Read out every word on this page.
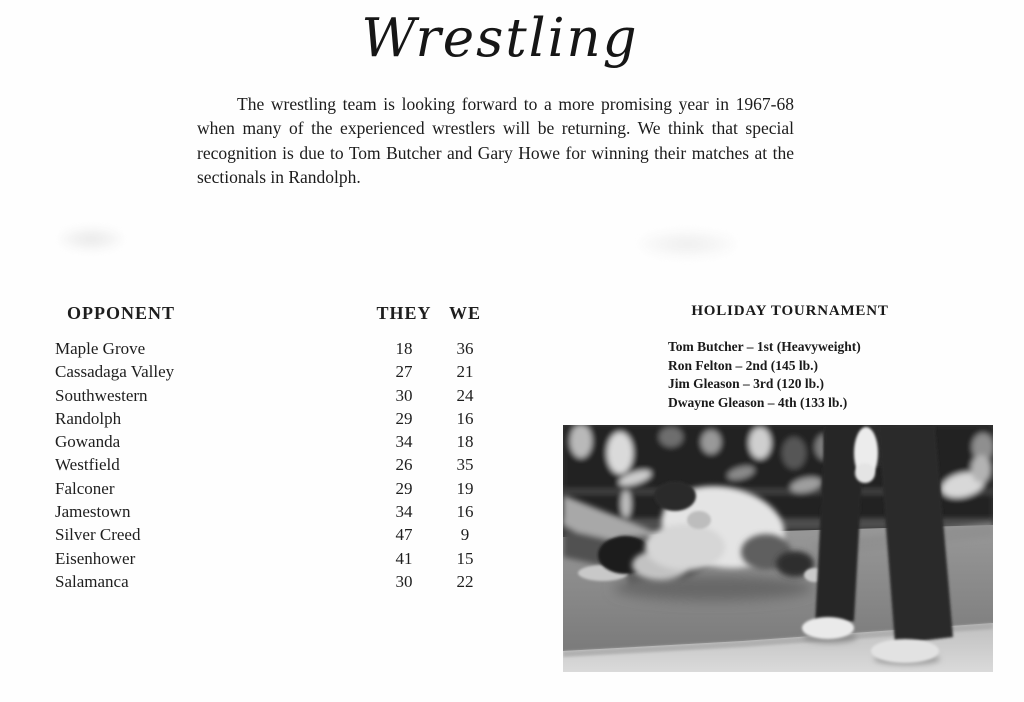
Wrestling

The wrestling team is looking forward to a more promising year in 1967-68 when many of the experienced wrestlers will be returning. We think that special recognition is due to Tom Butcher and Gary Howe for winning their matches at the sectionals in Randolph.

OPPONENT	THEY WE
Maple Grove	18	36
Cassadaga Valley	27	21
Southwestern	30	24
Randolph	29	16
Gowanda	34	18
Westfield	26	35
Falconer	29	19
Jamestown	34	16
Silver Creed	47	9
Eisenhower	41	15
Salamanca	30	22
HOLIDAY TOURNAMENT
Tom Butcher – 1st (Heavyweight)
Ron Felton – 2nd (145 lb.)
Jim Gleason – 3rd (120 lb.)
Dwayne Gleason – 4th (133 lb.)
